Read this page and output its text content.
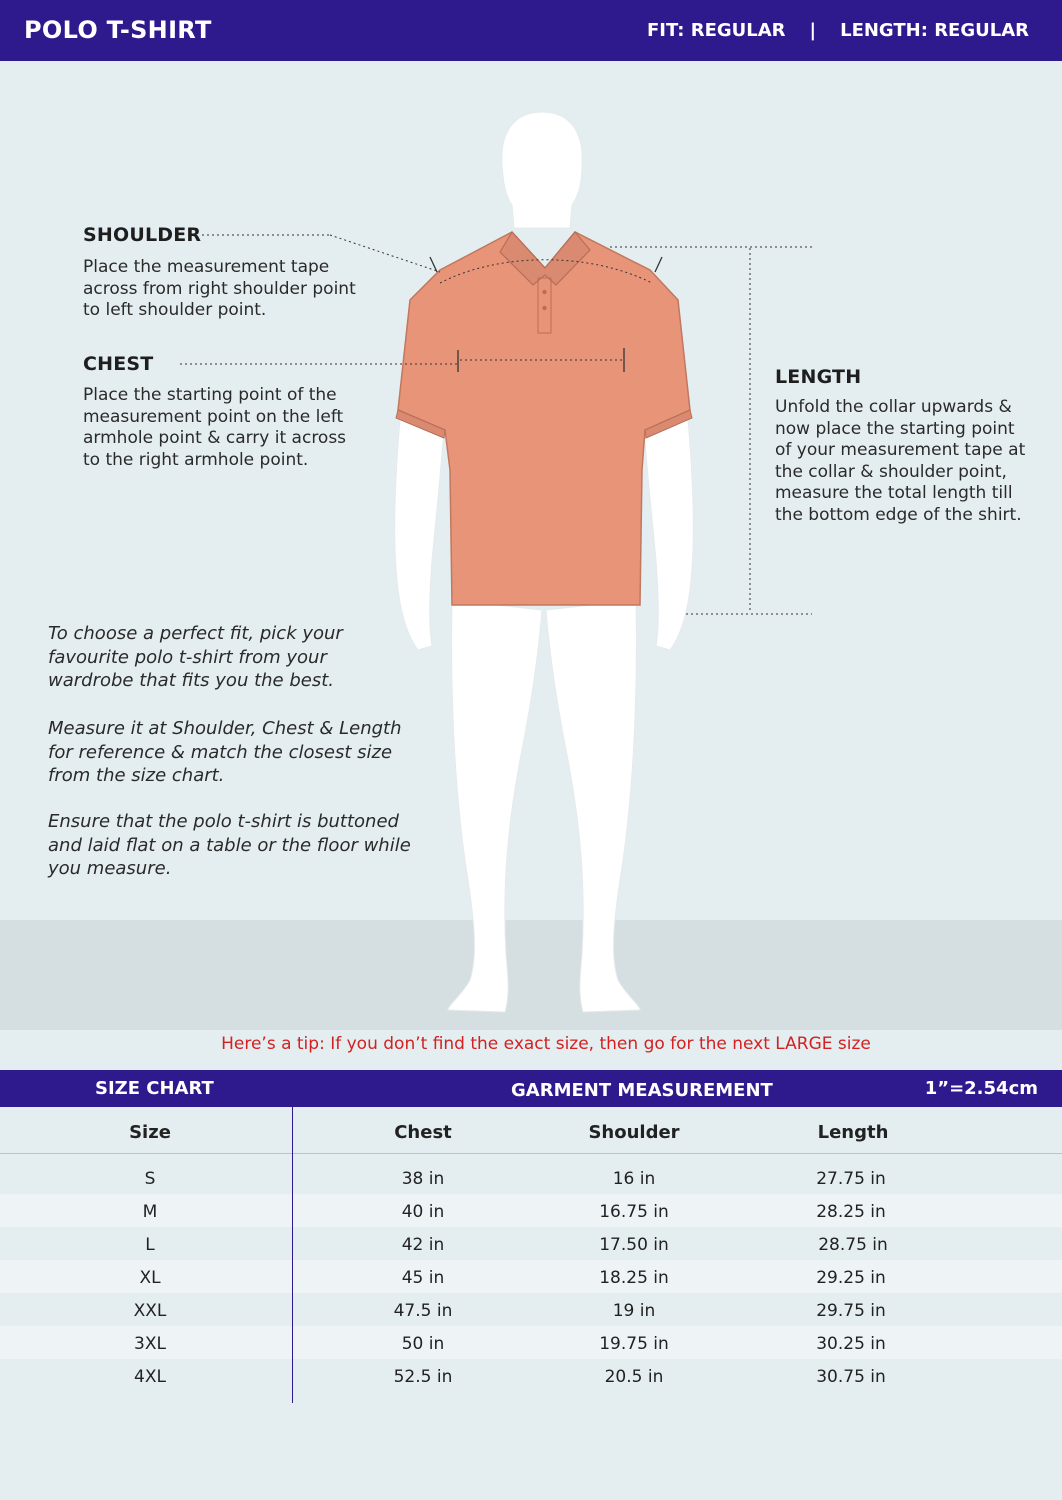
POLO T-SHIRT	FIT: REGULAR | LENGTH: REGULAR
SHOULDER
Place the measurement tape
across from right shoulder point
to left shoulder point.
CHEST
Place the starting point of the
measurement point on the left
armhole point & carry it across
to the right armhole point.
LENGTH
Unfold the collar upwards &
now place the starting point
of your measurement tape at
the collar & shoulder point,
measure the total length till
the bottom edge of the shirt.
To choose a perfect fit, pick your
favourite polo t-shirt from your
wardrobe that fits you the best.
Measure it at Shoulder, Chest & Length
for reference & match the closest size
from the size chart.
Ensure that the polo t-shirt is buttoned
and laid flat on a table or the floor while
you measure.
Here’s a tip: If you don’t find the exact size, then go for the next LARGE size
SIZE CHART	GARMENT MEASUREMENT	1”=2.54cm
Size	Chest	Shoulder	Length
S	38 in	16 in	27.75 in
M	40 in	16.75 in	28.25 in
L	42 in	17.50 in	28.75 in
XL	45 in	18.25 in	29.25 in
XXL	47.5 in	19 in	29.75 in
3XL	50 in	19.75 in	30.25 in
4XL	52.5 in	20.5 in	30.75 in
